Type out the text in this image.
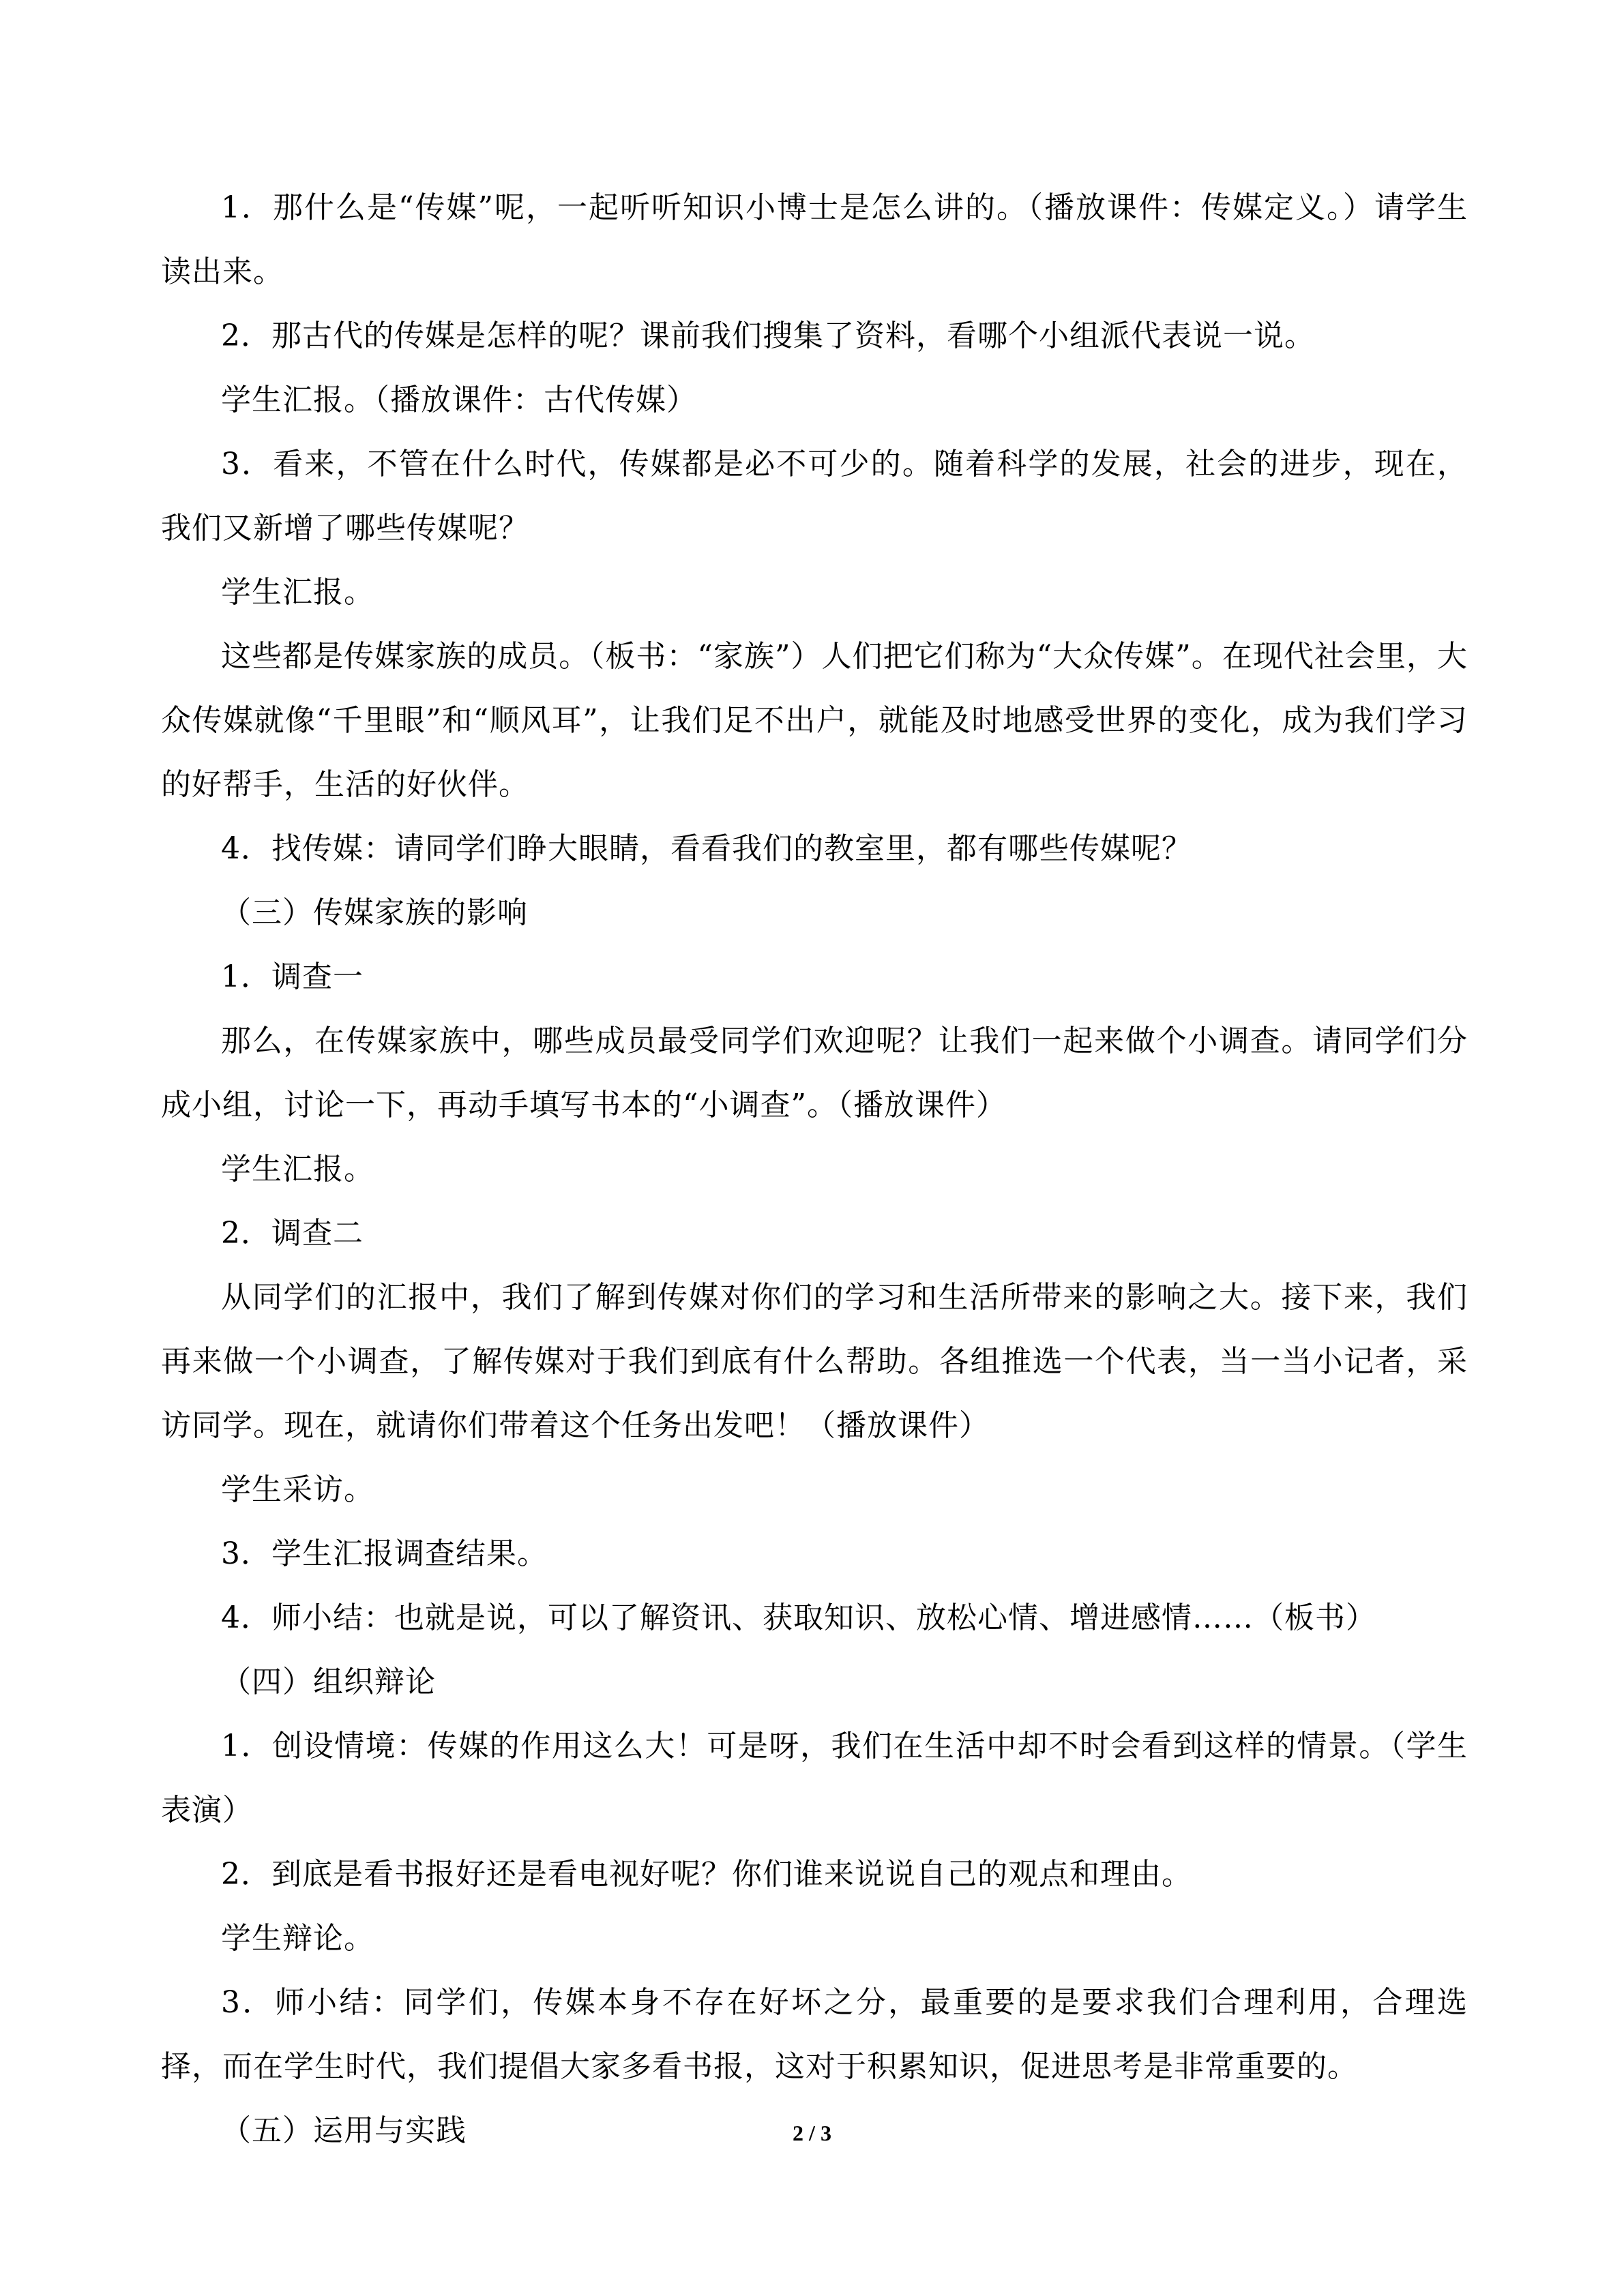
1．那什么是“传媒”呢，一起听听知识小博士是怎么讲的。（播放课件：传媒定义。）请学生读出来。

2．那古代的传媒是怎样的呢？课前我们搜集了资料，看哪个小组派代表说一说。

学生汇报。（播放课件：古代传媒）

3．看来，不管在什么时代，传媒都是必不可少的。随着科学的发展，社会的进步，现在，我们又新增了哪些传媒呢？

学生汇报。

这些都是传媒家族的成员。（板书：“家族”）人们把它们称为“大众传媒”。在现代社会里，大众传媒就像“千里眼”和“顺风耳”，让我们足不出户，就能及时地感受世界的变化，成为我们学习的好帮手，生活的好伙伴。

4．找传媒：请同学们睁大眼睛，看看我们的教室里，都有哪些传媒呢？

（三）传媒家族的影响

1．调查一

那么，在传媒家族中，哪些成员最受同学们欢迎呢？让我们一起来做个小调查。请同学们分成小组，讨论一下，再动手填写书本的“小调查”。（播放课件）

学生汇报。

2．调查二

从同学们的汇报中，我们了解到传媒对你们的学习和生活所带来的影响之大。接下来，我们再来做一个小调查，了解传媒对于我们到底有什么帮助。各组推选一个代表，当一当小记者，采访同学。现在，就请你们带着这个任务出发吧！（播放课件）

学生采访。

3．学生汇报调查结果。

4．师小结：也就是说，可以了解资讯、获取知识、放松心情、增进感情……（板书）

（四）组织辩论

1．创设情境：传媒的作用这么大！可是呀，我们在生活中却不时会看到这样的情景。（学生表演）

2．到底是看书报好还是看电视好呢？你们谁来说说自己的观点和理由。

学生辩论。

3．师小结：同学们，传媒本身不存在好坏之分，最重要的是要求我们合理利用，合理选择，而在学生时代，我们提倡大家多看书报，这对于积累知识，促进思考是非常重要的。

（五）运用与实践	2 / 3
